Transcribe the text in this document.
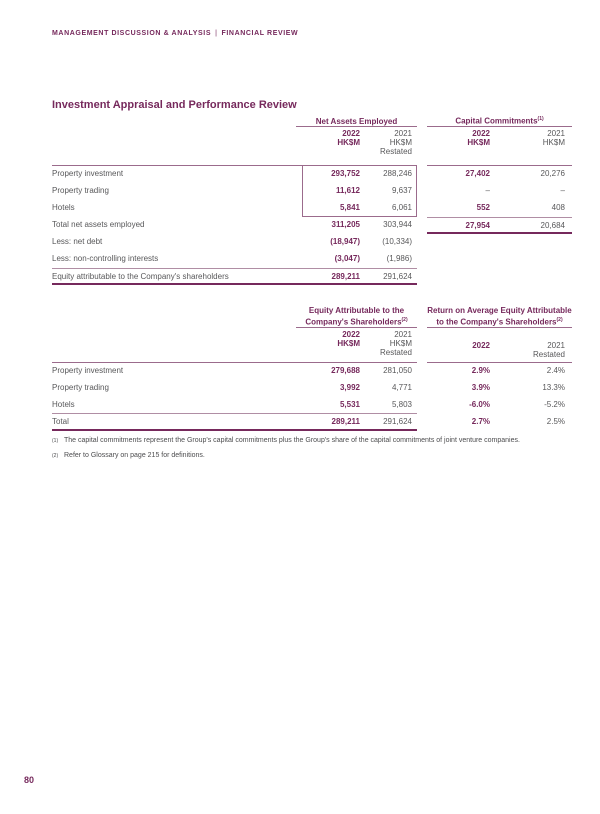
MANAGEMENT DISCUSSION & ANALYSIS | FINANCIAL REVIEW
Investment Appraisal and Performance Review
Net Assets Employed	Capital Commitments$^{(1)}$
2022
HK$M
2021
HK$M
Restated
2022
HK$M
2021
HK$M
Property investment	293,752	288,246	27,402	20,276
Property trading	11,612	9,637	–	–
Hotels	5,841	6,061	552	408
Total net assets employed	311,205	303,944	27,954	20,684
Less: net debt	(18,947)	(10,334)
Less: non-controlling interests	(3,047)	(1,986)
Equity attributable to the Company's shareholders	289,211	291,624
Equity Attributable to the Company's Shareholders$^{(2)}$
Return on Average Equity Attributable to the Company's Shareholders$^{(2)}$
2022
HK$M
2021
HK$M
Restated
2022	2021
Restated
Property investment	279,688	281,050	2.9%	2.4%
Property trading	3,992	4,771	3.9%	13.3%
Hotels	5,531	5,803	-6.0%	-5.2%
Total	289,211	291,624	2.7%	2.5%
(1) The capital commitments represent the Group's capital commitments plus the Group's share of the capital commitments of joint venture companies.
(2) Refer to Glossary on page 215 for definitions.
80
